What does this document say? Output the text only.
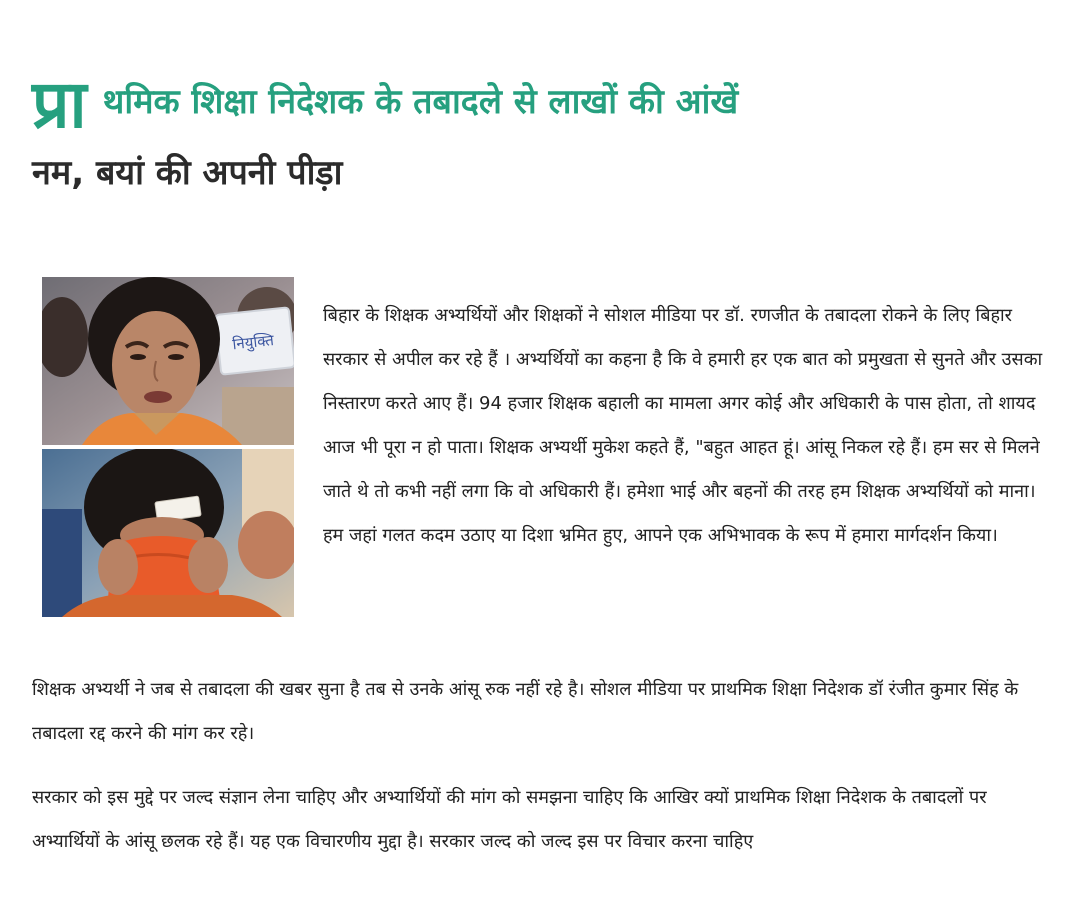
प्रा थमिक शिक्षा निदेशक के तबादले से लाखों की आंखें
नम, बयां की अपनी पीड़ा
नियुक्ति

बिहार के शिक्षक अभ्यर्थियों और शिक्षकों ने सोशल मीडिया पर डॉ. रणजीत के तबादला रोकने के लिए बिहार सरकार से अपील कर रहे हैं । अभ्यर्थियों का कहना है कि वे हमारी हर एक बात को प्रमुखता से सुनते और उसका निस्तारण करते आए हैं। 94 हजार शिक्षक बहाली का मामला अगर कोई और अधिकारी के पास होता, तो शायद आज भी पूरा न हो पाता। शिक्षक अभ्यर्थी मुकेश कहते हैं, "बहुत आहत हूं। आंसू निकल रहे हैं। हम सर से मिलने जाते थे तो कभी नहीं लगा कि वो अधिकारी हैं। हमेशा भाई और बहनों की तरह हम शिक्षक अभ्यर्थियों को माना। हम जहां गलत कदम उठाए या दिशा भ्रमित हुए, आपने एक अभिभावक के रूप में हमारा मार्गदर्शन किया।

शिक्षक अभ्यर्थी ने जब से तबादला की खबर सुना है तब से उनके आंसू रुक नहीं रहे है। सोशल मीडिया पर प्राथमिक शिक्षा निदेशक डॉ रंजीत कुमार सिंह के तबादला रद्द करने की मांग कर रहे।

सरकार को इस मुद्दे पर जल्द संज्ञान लेना चाहिए और अभ्यार्थियों की मांग को समझना चाहिए कि आखिर क्यों प्राथमिक शिक्षा निदेशक के तबादलों पर अभ्यार्थियों के आंसू छलक रहे हैं। यह एक विचारणीय मुद्दा है। सरकार जल्द को जल्द इस पर विचार करना चाहिए
